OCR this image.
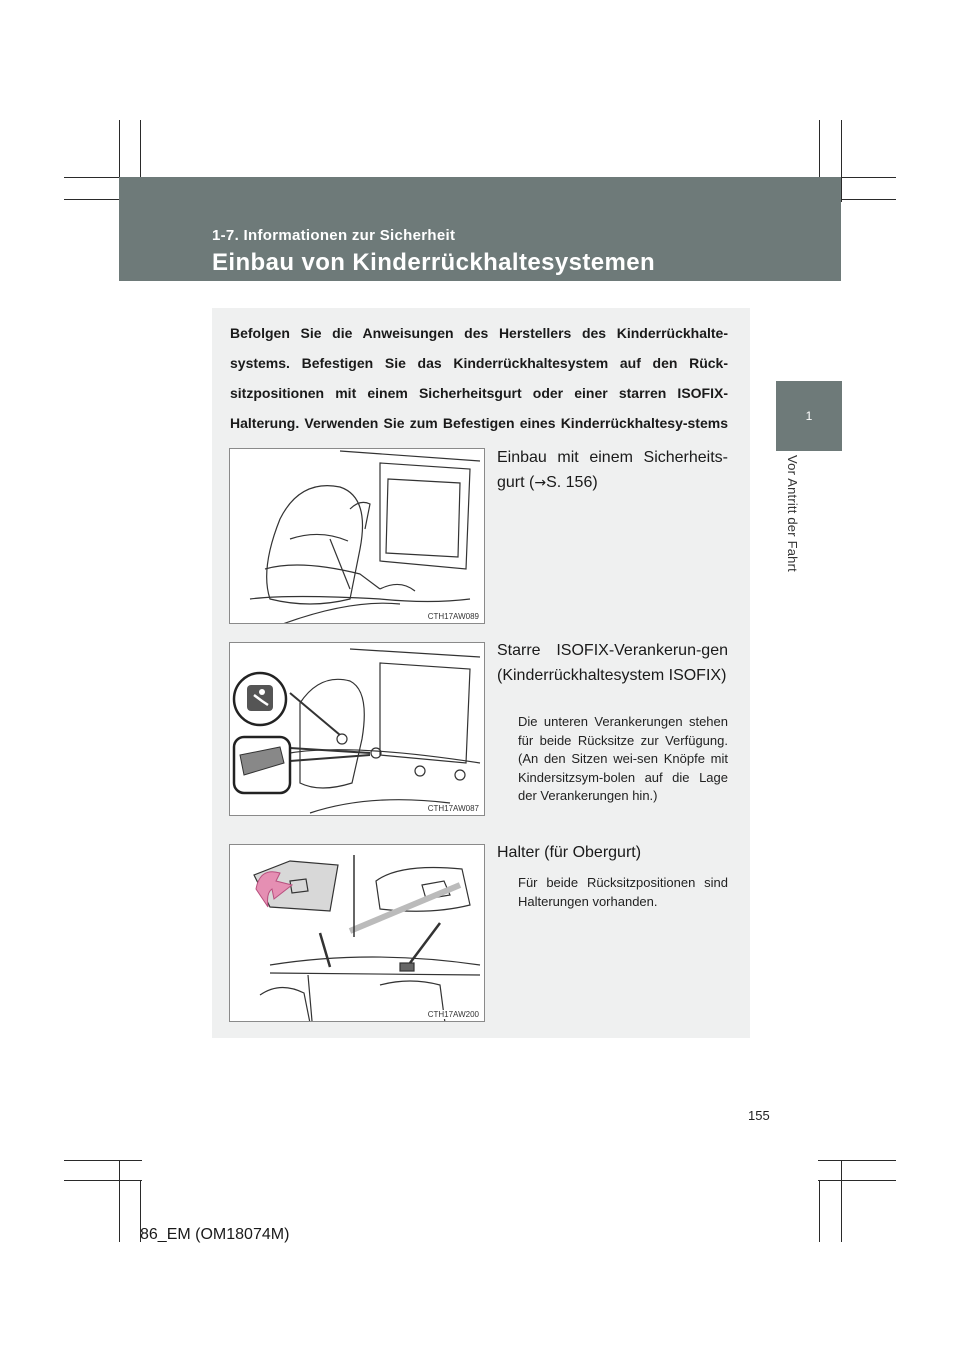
1-7. Informationen zur Sicherheit
Einbau von Kinderrückhaltesystemen
1
Vor Antritt der Fahrt
Befolgen Sie die Anweisungen des Herstellers des Kinderrückhalte-systems. Befestigen Sie das Kinderrückhaltesystem auf den Rück-sitzpositionen mit einem Sicherheitsgurt oder einer starren ISOFIX-Halterung. Verwenden Sie zum Befestigen eines Kinderrückhaltesy-stems
CTH17AW089
Einbau mit einem Sicherheits-gurt (→S. 156)
CTH17AW087
Starre ISOFIX-Verankerun-gen (Kinderrückhaltesystem ISOFIX)
Die unteren Verankerungen stehen für beide Rücksitze zur Verfügung. (An den Sitzen wei-sen Knöpfe mit Kindersitzsym-bolen auf die Lage der Verankerungen hin.)
CTH17AW200
Halter (für Obergurt)
Für beide Rücksitzpositionen sind Halterungen vorhanden.
155
86_EM (OM18074M)
